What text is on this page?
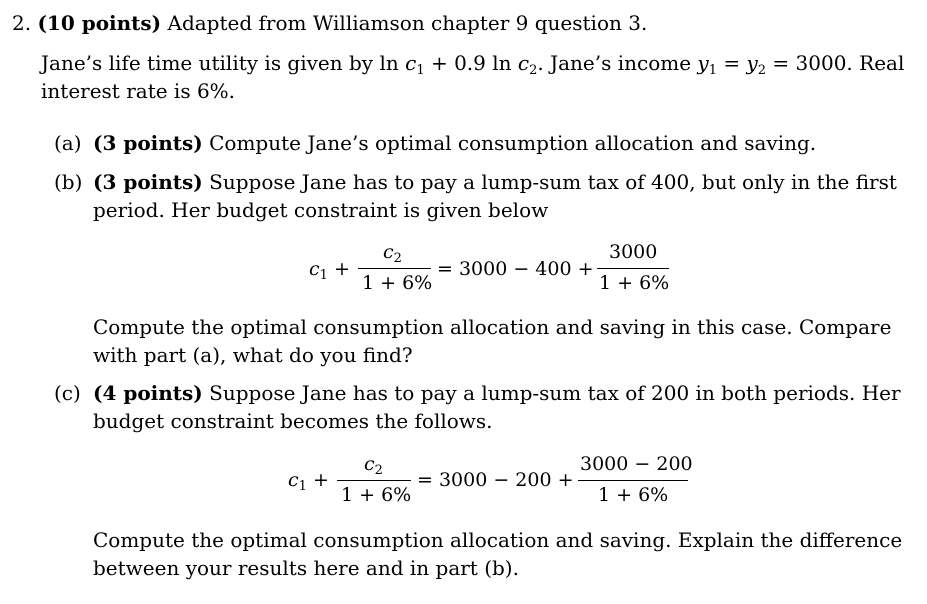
2. (10 points) Adapted from Williamson chapter 9 question 3.
Jane’s life time utility is given by $\ln c_1 + 0.9$ $\ln c_2$. Jane’s income $y_1 = y_2 = 3000$. Real
interest rate is 6%.
(a) (3 points) Compute Jane’s optimal consumption allocation and saving.
(b) (3 points) Suppose Jane has to pay a lump-sum tax of 400, but only in the first
period. Her budget constraint is given below
$c_1$ +
$c_2$
1 + 6%
= 3000 − 400 +
3000
1 + 6%
Compute the optimal consumption allocation and saving in this case. Compare
with part (a), what do you find?
(c) (4 points) Suppose Jane has to pay a lump-sum tax of 200 in both periods. Her
budget constraint becomes the follows.
$c_1$ +
$c_2$
1 + 6%
= 3000 − 200 +
3000 − 200
1 + 6%
Compute the optimal consumption allocation and saving. Explain the difference
between your results here and in part (b).
